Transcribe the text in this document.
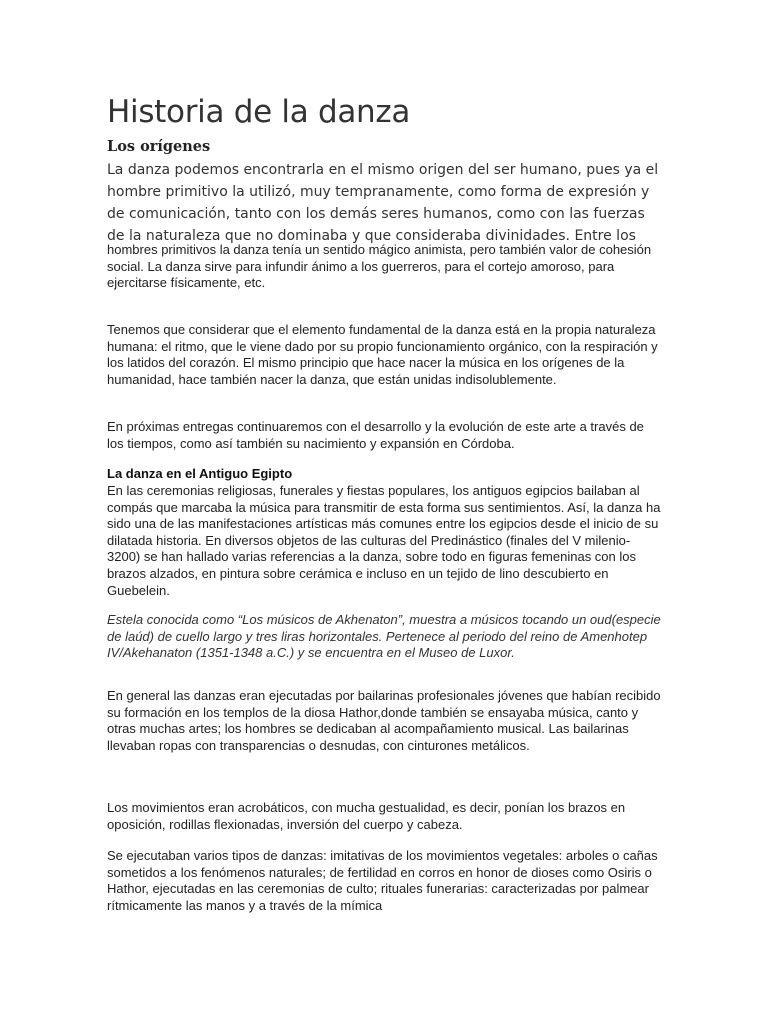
Historia de la danza
Los orígenes

La danza podemos encontrarla en el mismo origen del ser humano, pues ya el hombre primitivo la utilizó, muy tempranamente, como forma de expresión y de comunicación, tanto con los demás seres humanos, como con las fuerzas de la naturaleza que no dominaba y que consideraba divinidades. Entre los

hombres primitivos la danza tenía un sentido mágico animista, pero también valor de cohesión social. La danza sirve para infundir ánimo a los guerreros, para el cortejo amoroso, para ejercitarse físicamente, etc.

Tenemos que considerar que el elemento fundamental de la danza está en la propia naturaleza humana: el ritmo, que le viene dado por su propio funcionamiento orgánico, con la respiración y los latidos del corazón. El mismo principio que hace nacer la música en los orígenes de la humanidad, hace también nacer la danza, que están unidas indisolublemente.

En próximas entregas continuaremos con el desarrollo y la evolución de este arte a través de los tiempos, como así también su nacimiento y expansión en Córdoba.

La danza en el Antiguo Egipto

En las ceremonias religiosas, funerales y fiestas populares, los antiguos egipcios bailaban al compás que marcaba la música para transmitir de esta forma sus sentimientos. Así, la danza ha sido una de las manifestaciones artísticas más comunes entre los egipcios desde el inicio de su dilatada historia. En diversos objetos de las culturas del Predinástico (finales del V milenio-3200) se han hallado varias referencias a la danza, sobre todo en figuras femeninas con los brazos alzados, en pintura sobre cerámica e incluso en un tejido de lino descubierto en Guebelein.

Estela conocida como “Los músicos de Akhenaton”, muestra a músicos tocando un oud(especie de laúd) de cuello largo y tres liras horizontales. Pertenece al periodo del reino de Amenhotep IV/Akehanaton (1351-1348 a.C.) y se encuentra en el Museo de Luxor.

En general las danzas eran ejecutadas por bailarinas profesionales jóvenes que habían recibido su formación en los templos de la diosa Hathor,donde también se ensayaba música, canto y otras muchas artes; los hombres se dedicaban al acompañamiento musical. Las bailarinas llevaban ropas con transparencias o desnudas, con cinturones metálicos.

Los movimientos eran acrobáticos, con mucha gestualidad, es decir, ponían los brazos en oposición, rodillas flexionadas, inversión del cuerpo y cabeza.

Se ejecutaban varios tipos de danzas: imitativas de los movimientos vegetales: arboles o cañas sometidos a los fenómenos naturales; de fertilidad en corros en honor de dioses como Osiris o Hathor, ejecutadas en las ceremonias de culto; rituales funerarias: caracterizadas por palmear rítmicamente las manos y a través de la mímica
